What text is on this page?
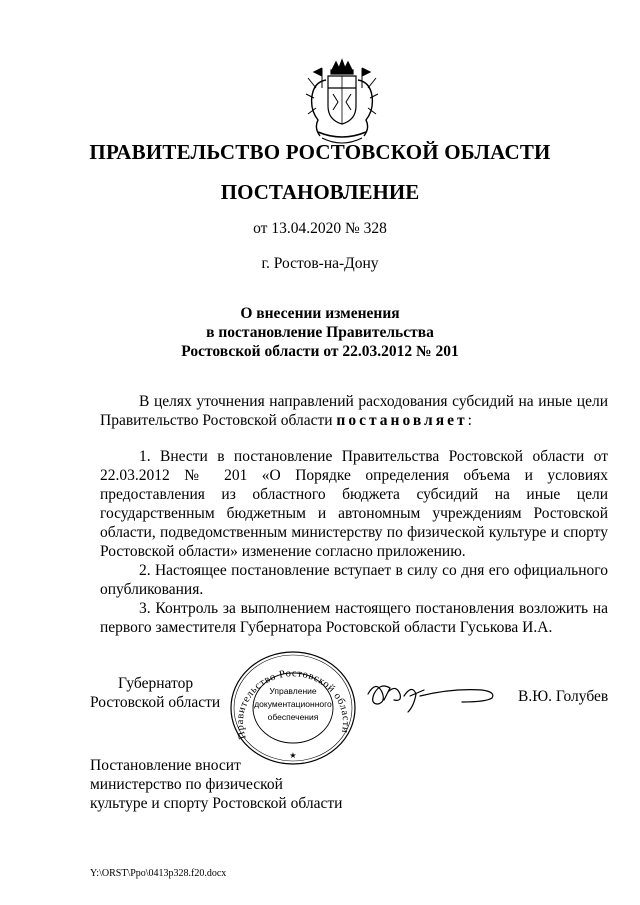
ПРАВИТЕЛЬСТВО РОСТОВСКОЙ ОБЛАСТИ
ПОСТАНОВЛЕНИЕ
от 13.04.2020 № 328
г. Ростов-на-Дону
О внесении изменения
в постановление Правительства
Ростовской области от 22.03.2012 № 201

В целях уточнения направлений расходования субсидий на иные цели Правительство Ростовской области постановляет:

1. Внести в постановление Правительства Ростовской области от 22.03.2012 № 201 «О Порядке определения объема и условиях предоставления из областного бюджета субсидий на иные цели государственным бюджетным и автономным учреждениям Ростовской области, подведомственным министерству по физической культуре и спорту Ростовской области» изменение согласно приложению.

2. Настоящее постановление вступает в силу со дня его официального опубликования.

3. Контроль за выполнением настоящего постановления возложить на первого заместителя Губернатора Ростовской области Гуськова И.А.

Губернатор
Ростовской области
Правительство Ростовской области
Управление
документационного
обеспечения
★
В.Ю. Голубев
Постановление вносит
министерство по физической
культуре и спорту Ростовской области
Y:\ORST\Ppo\0413p328.f20.docx
